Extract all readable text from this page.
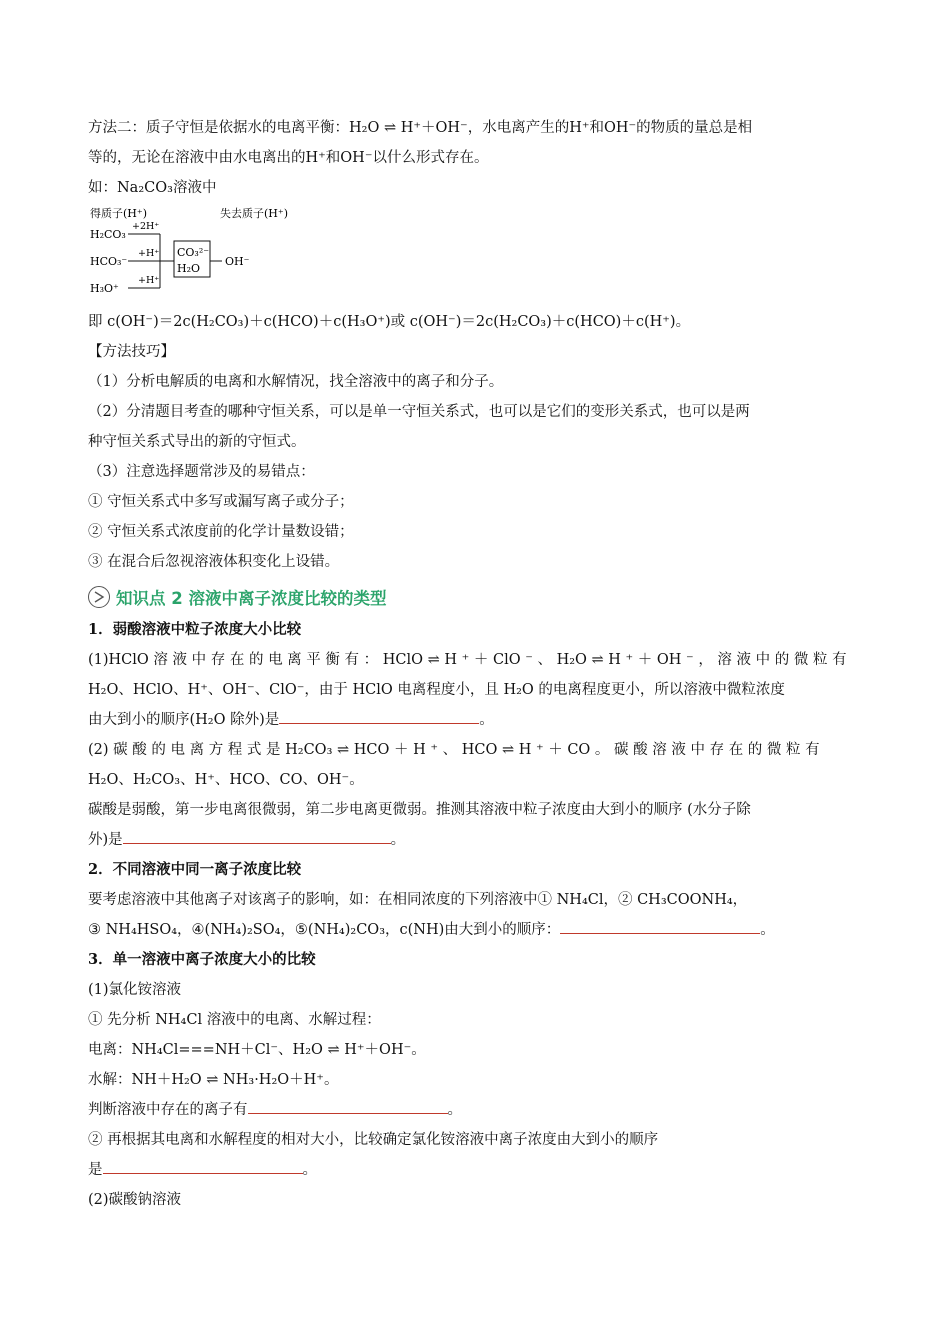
方法二：质子守恒是依据水的电离平衡：H₂O ⇌ H⁺＋OH⁻，水电离产生的H⁺和OH⁻的物质的量总是相

等的，无论在溶液中由水电离出的H⁺和OH⁻以什么形式存在。

如：Na₂CO₃溶液中

得质子(H⁺)	失去质子(H⁺)
H₂CO₃
HCO₃⁻
H₃O⁺
+2H⁺
+H⁺
+H⁺
CO₃²⁻
H₂O
OH⁻

即 c(OH⁻)＝2c(H₂CO₃)＋c(HCO)＋c(H₃O⁺)或 c(OH⁻)＝2c(H₂CO₃)＋c(HCO)＋c(H⁺)。

【方法技巧】

（1）分析电解质的电离和水解情况，找全溶液中的离子和分子。

（2）分清题目考查的哪种守恒关系，可以是单一守恒关系式，也可以是它们的变形关系式，也可以是两

种守恒关系式导出的新的守恒式。

（3）注意选择题常涉及的易错点：

① 守恒关系式中多写或漏写离子或分子；

② 守恒关系式浓度前的化学计量数设错；

③ 在混合后忽视溶液体积变化上设错。

知识点 2 溶液中离子浓度比较的类型

1．弱酸溶液中粒子浓度大小比较

(1)HClO 溶 液 中 存 在 的 电 离 平 衡 有 ： HClO ⇌ H ⁺ ＋ ClO ⁻ 、 H₂O ⇌ H ⁺ ＋ OH ⁻ ， 溶 液 中 的 微 粒 有

H₂O、HClO、H⁺、OH⁻、ClO⁻，由于 HClO 电离程度小，且 H₂O 的电离程度更小，所以溶液中微粒浓度

由大到小的顺序(H₂O 除外)是	。

(2) 碳 酸 的 电 离 方 程 式 是 H₂CO₃ ⇌ HCO ＋ H ⁺ 、 HCO ⇌ H ⁺ ＋ CO 。 碳 酸 溶 液 中 存 在 的 微 粒 有

H₂O、H₂CO₃、H⁺、HCO、CO、OH⁻。

碳酸是弱酸，第一步电离很微弱，第二步电离更微弱。推测其溶液中粒子浓度由大到小的顺序 (水分子除

外)是	。

2．不同溶液中同一离子浓度比较

要考虑溶液中其他离子对该离子的影响，如：在相同浓度的下列溶液中① NH₄Cl，② CH₃COONH₄，

③ NH₄HSO₄，④(NH₄)₂SO₄，⑤(NH₄)₂CO₃，c(NH)由大到小的顺序：	。

3．单一溶液中离子浓度大小的比较

(1)氯化铵溶液

① 先分析 NH₄Cl 溶液中的电离、水解过程：

电离：NH₄Cl===NH＋Cl⁻、H₂O ⇌ H⁺＋OH⁻。

水解：NH＋H₂O ⇌ NH₃·H₂O＋H⁺。

判断溶液中存在的离子有	。

② 再根据其电离和水解程度的相对大小，比较确定氯化铵溶液中离子浓度由大到小的顺序

是	。

(2)碳酸钠溶液
